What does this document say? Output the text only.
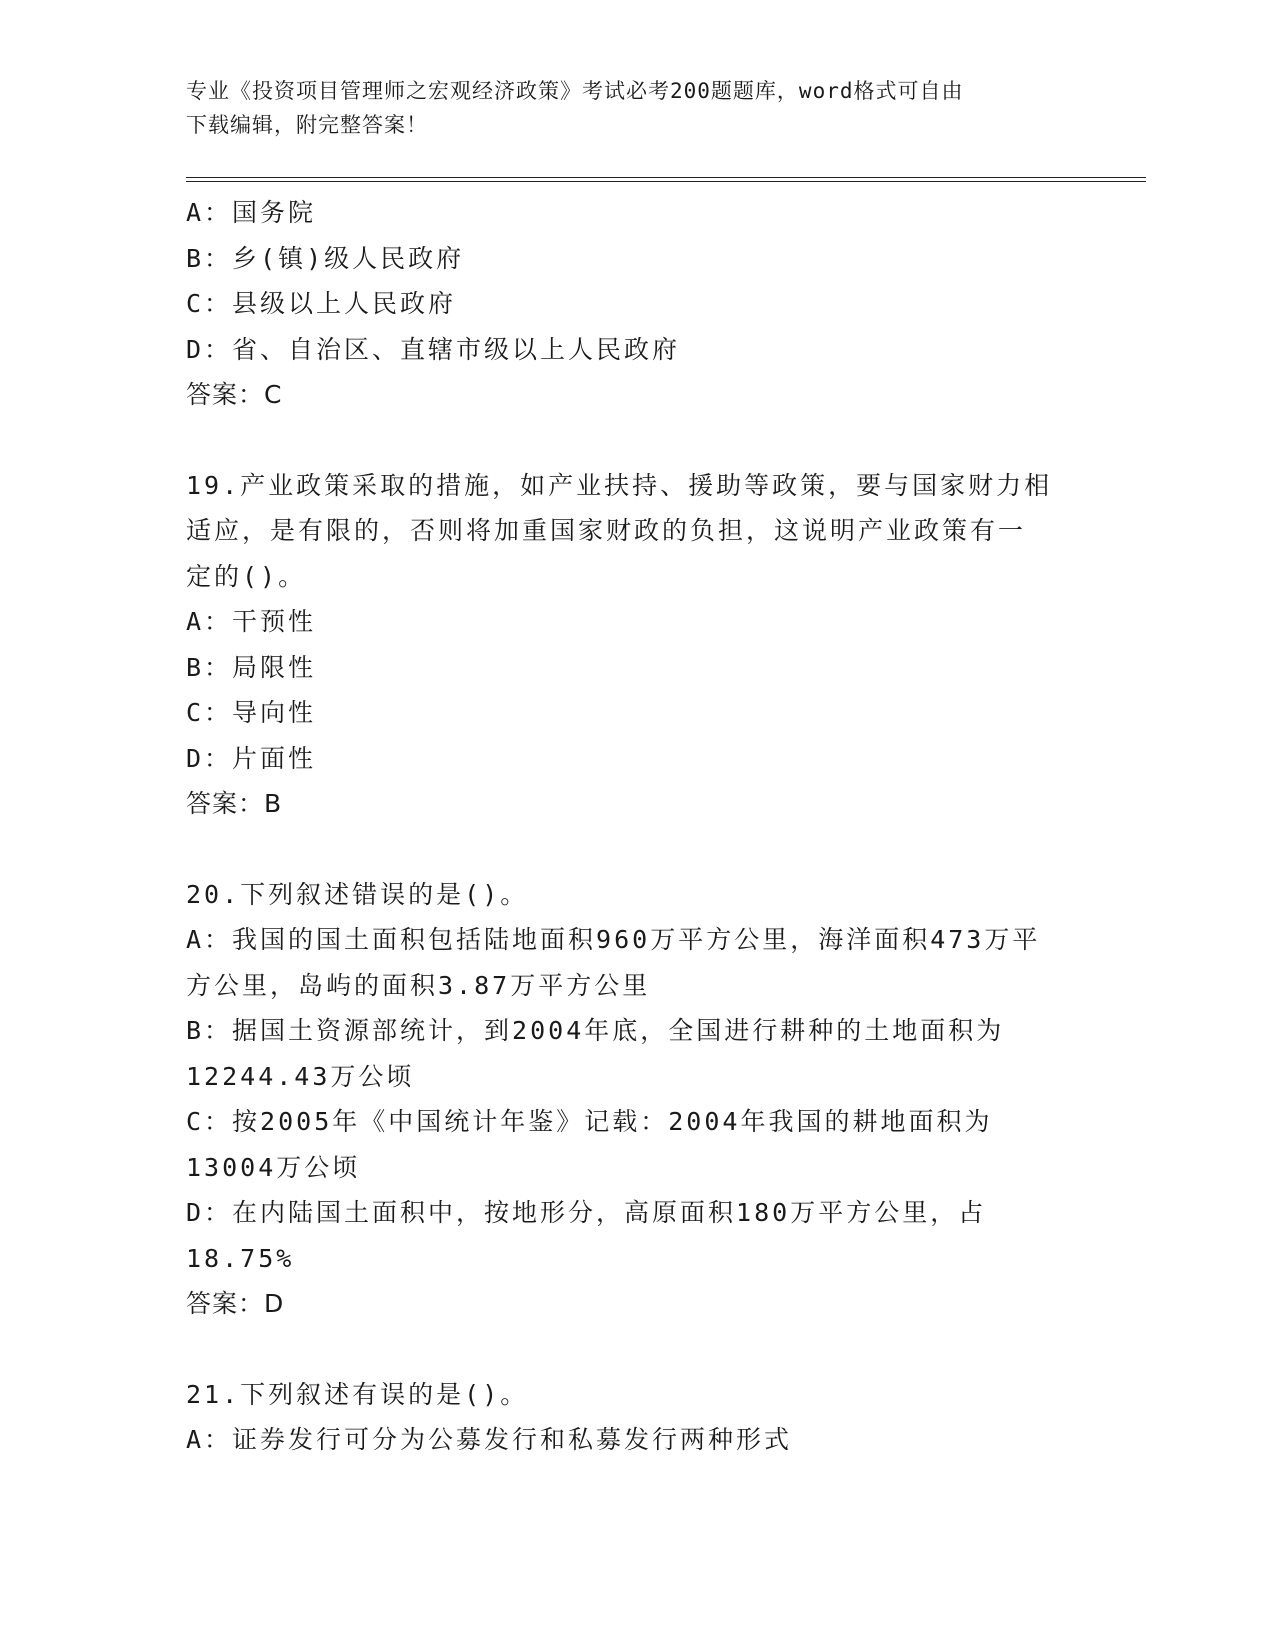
专业《投资项目管理师之宏观经济政策》考试必考200题题库，word格式可自由
下载编辑，附完整答案！
A：国务院
B：乡(镇)级人民政府
C：县级以上人民政府
D：省、自治区、直辖市级以上人民政府
答案：C
19.产业政策采取的措施，如产业扶持、援助等政策，要与国家财力相
适应，是有限的，否则将加重国家财政的负担，这说明产业政策有一
定的()。
A：干预性
B：局限性
C：导向性
D：片面性
答案：B
20.下列叙述错误的是()。
A：我国的国土面积包括陆地面积960万平方公里，海洋面积473万平
方公里，岛屿的面积3.87万平方公里
B：据国土资源部统计，到2004年底，全国进行耕种的土地面积为
12244.43万公顷
C：按2005年《中国统计年鉴》记载：2004年我国的耕地面积为
13004万公顷
D：在内陆国土面积中，按地形分，高原面积180万平方公里，占
18.75%
答案：D
21.下列叙述有误的是()。
A：证券发行可分为公募发行和私募发行两种形式
